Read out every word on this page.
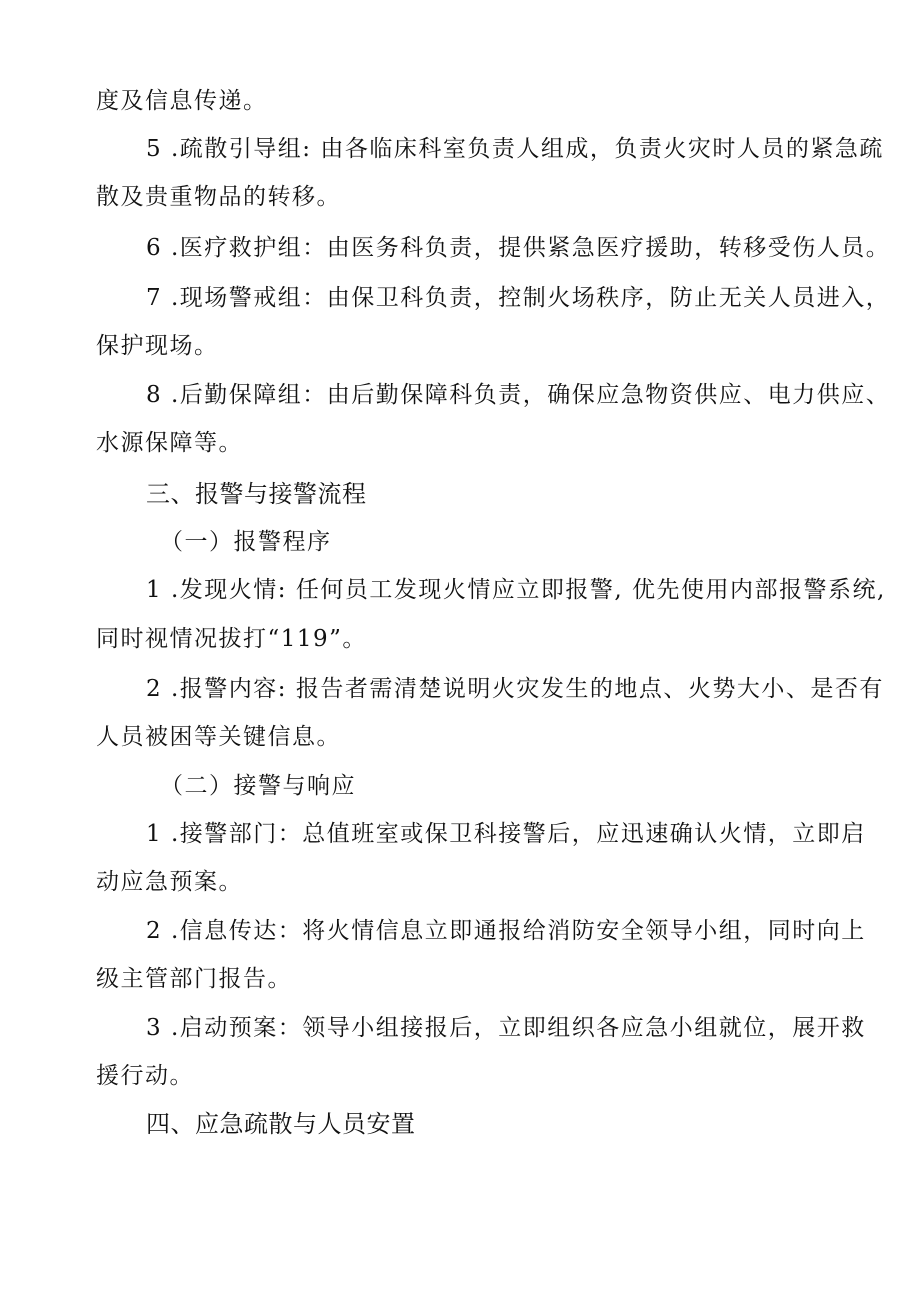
度及信息传递。
5 .疏散引导组: 由各临床科室负责人组成，负责火灾时人员的紧急疏
散及贵重物品的转移。
6 .医疗救护组：由医务科负责，提供紧急医疗援助，转移受伤人员。
7 .现场警戒组：由保卫科负责，控制火场秩序，防止无关人员进入，
保护现场。
8 .后勤保障组：由后勤保障科负责，确保应急物资供应、电力供应、
水源保障等。
三、报警与接警流程
（一）报警程序
1 .发现火情: 任何员工发现火情应立即报警, 优先使用内部报警系统,
同时视情况拔打“119”。
2 .报警内容: 报告者需清楚说明火灾发生的地点、火势大小、是否有
人员被困等关键信息。
（二）接警与响应
1 .接警部门：总值班室或保卫科接警后，应迅速确认火情，立即启
动应急预案。
2 .信息传达：将火情信息立即通报给消防安全领导小组，同时向上
级主管部门报告。
3 .启动预案：领导小组接报后，立即组织各应急小组就位，展开救
援行动。
四、应急疏散与人员安置
